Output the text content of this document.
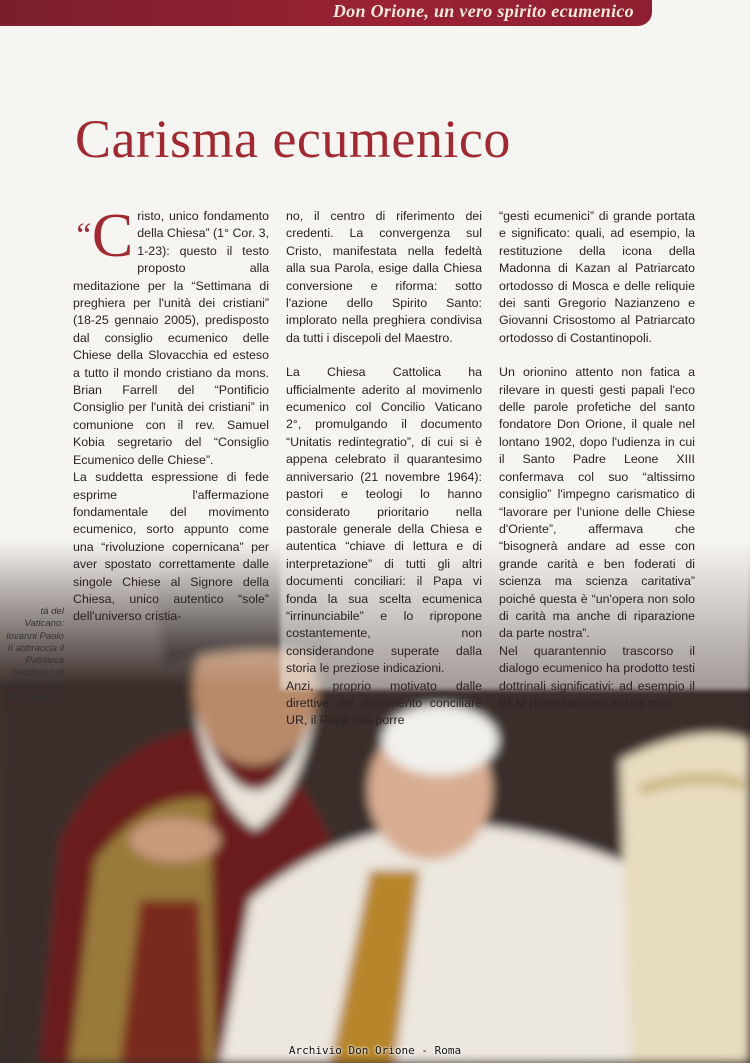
Don Orione, un vero spirito ecumenico
Carisma ecumenico

“C risto, unico fondamento della Chiesa” (1° Cor. 3, 1-23): questo il testo proposto alla meditazione per la “Settimana di preghiera per l'unità dei cristiani” (18-25 gennaio 2005), predisposto dal consiglio ecumenico delle Chiese della Slovacchia ed esteso a tutto il mondo cristiano da mons. Brian Farrell del “Pontificio Consiglio per l'unità dei cristiani” in comunione con il rev. Samuel Kobia segretario del “Consiglio Ecumenico delle Chiese”.

La suddetta espressione di fede esprime l'affermazione fondamentale del movimento ecumenico, sorto appunto come una “rivoluzione copernicana” per aver spostato correttamente dalle singole Chiese al Signore della Chiesa, unico autentico “sole” dell'universo cristia-

no, il centro di riferimento dei credenti. La convergenza sul Cristo, manifestata nella fedeltà alla sua Parola, esige dalla Chiesa conversione e riforma: sotto l'azione dello Spirito Santo: implorato nella preghiera condivisa da tutti i discepoli del Maestro.

La Chiesa Cattolica ha ufficialmente aderito al movimenlo ecumenico col Concilio Vaticano 2°, promulgando il documento “Unitatis redintegratio”, di cui si è appena celebrato il quarantesimo anniversario (21 novembre 1964): pastori e teologi lo hanno considerato prioritario nella pastorale generale della Chiesa e autentica “chiave di lettura e di interpretazione” di tutti gli altri documenti conciliari: il Papa vi fonda la sua scelta ecumenica “irrinunciabile” e lo ripropone costantemente, non considerandone superate dalla storia le preziose indicazioni.

Anzi, proprio motivato dalle direttive del documento conciliare UR, il Papa osa porre

“gesti ecumenici” di grande portata e significato: quali, ad esempio, la restituzione della icona della Madonna di Kazan al Patriarcato ortodosso di Mosca e delle reliquie dei santi Gregorio Nazianzeno e Giovanni Crisostomo al Patriarcato ortodosso di Costantinopoli.

Un orionino attento non fatica a rilevare in questi gesti papali l'eco delle parole profetiche del santo fondatore Don Orione, il quale nel lontano 1902, dopo l'udienza in cui il Santo Padre Leone XIII confermava col suo “altissimo consiglio” l'impegno carismatico di “lavorare per l'unione delle Chiese d'Oriente”, affermava che “bisognerà andare ad esse con grande carità e ben foderati di scienza ma scienza caritativa” poiché questa è “un'opera non solo di carità ma anche di riparazione da parte nostra”.

Nel quarantennio trascorso il dialogo ecumenico ha prodotto testi dottrinali significativi: ad esempio il BEM (battesimo eucaristia mini-

tà del Vaticano: iovanni Paolo II abbraccia il Patriarca ortodosso di Costantinopoli, Bartolomeo I.
Archivio Don Orione - Roma
